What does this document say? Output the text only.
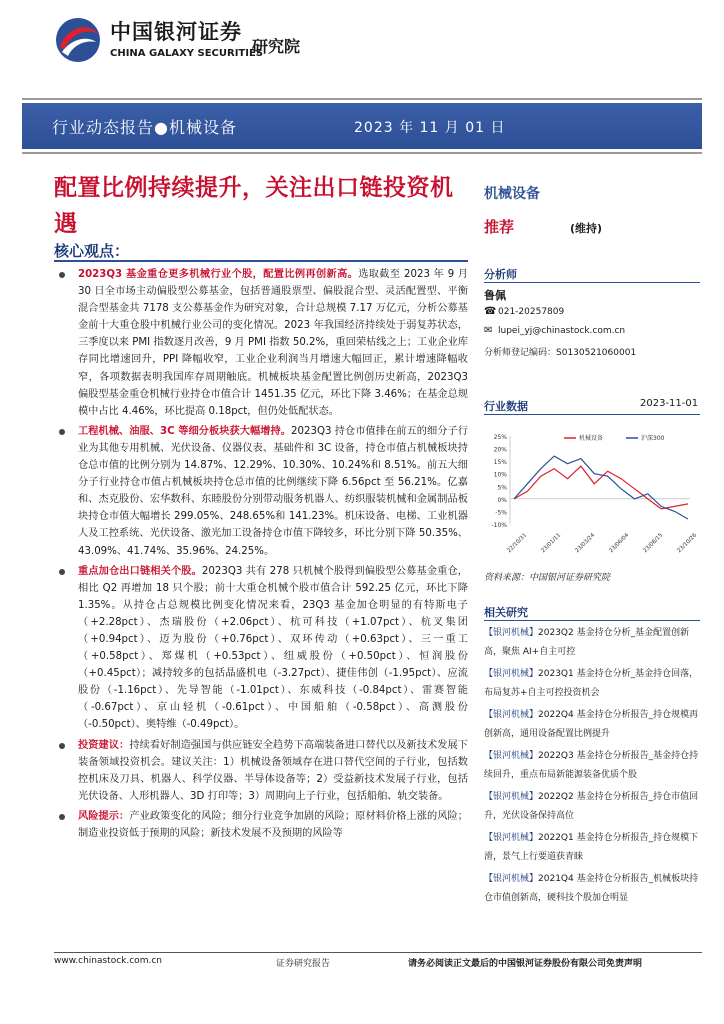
中国银河证券
CHINA GALAXY SECURITIES
研究院
行业动态报告●机械设备	2023 年 11 月 01 日
配置比例持续提升，关注出口链投资机遇
核心观点：
2023Q3 基金重仓更多机械行业个股，配置比例再创新高。选取截至 2023 年 9 月 30 日全市场主动偏股型公募基金，包括普通股票型、偏股混合型、灵活配置型、平衡混合型基金共 7178 支公募基金作为研究对象，合计总规模 7.17 万亿元，分析公募基金前十大重仓股中机械行业公司的变化情况。2023 年我国经济持续处于弱复苏状态，三季度以来 PMI 指数逐月改善，9 月 PMI 指数 50.2%，重回荣枯线之上；工业企业库存同比增速回升，PPI 降幅收窄，工业企业利润当月增速大幅回正，累计增速降幅收窄，各项数据表明我国库存周期触底。机械板块基金配置比例创历史新高，2023Q3 偏股型基金重仓机械行业持仓市值合计 1451.35 亿元，环比下降 3.46%；在基金总规模中占比 4.46%，环比提高 0.18pct，但仍处低配状态。
工程机械、油服、3C 等细分板块获大幅增持。2023Q3 持仓市值排在前五的细分子行业为其他专用机械、光伏设备、仪器仪表、基础件和 3C 设备，持仓市值占机械板块持仓总市值的比例分别为 14.87%、12.29%、10.30%、10.24%和 8.51%。前五大细分子行业持仓市值占机械板块持仓总市值的比例继续下降 6.56pct 至 56.21%。亿嘉和、杰克股份、宏华数科、东睦股份分别带动服务机器人、纺织服装机械和金属制品板块持仓市值大幅增长 299.05%、248.65%和 141.23%。机床设备、电梯、工业机器人及工控系统、光伏设备、激光加工设备持仓市值下降较多，环比分别下降 50.35%、43.09%、41.74%、35.96%、24.25%。
重点加仓出口链相关个股。2023Q3 共有 278 只机械个股得到偏股型公募基金重仓，相比 Q2 再增加 18 只个股；前十大重仓机械个股市值合计 592.25 亿元，环比下降 1.35%。从持仓占总规模比例变化情况来看，23Q3 基金加仓明显的有特斯电子（+2.28pct）、杰瑞股份（+2.06pct）、杭可科技（+1.07pct）、杭叉集团（+0.94pct）、迈为股份（+0.76pct）、双环传动（+0.63pct）、三一重工（+0.58pct）、郑煤机（+0.53pct）、纽威股份（+0.50pct）、恒润股份（+0.45pct）；减持较多的包括晶盛机电（-3.27pct）、捷佳伟创（-1.95pct）、应流股份（-1.16pct）、先导智能（-1.01pct）、东威科技（-0.84pct）、雷赛智能（-0.67pct）、京山轻机（-0.61pct）、中国船舶（-0.58pct）、高测股份（-0.50pct）、奥特维（-0.49pct）。
投资建议：持续看好制造强国与供应链安全趋势下高端装备进口替代以及新技术发展下装备领域投资机会。建议关注：1）机械设备领域存在进口替代空间的子行业，包括数控机床及刀具、机器人、科学仪器、半导体设备等；2）受益新技术发展子行业，包括光伏设备、人形机器人、3D 打印等；3）周期向上子行业，包括船舶、轨交装备。
风险提示：产业政策变化的风险；细分行业竞争加剧的风险；原材料价格上涨的风险；制造业投资低于预期的风险；新技术发展不及预期的风险等
机械设备
推荐	(维持)
分析师
鲁佩
☎ 021-20257809
✉ lupei_yj@chinastock.com.cn
分析师登记编码：S0130521060001
行业数据	2023-11-01
25%
20%
15%
10%
5%
0%
-5%
-10%
22/10/31 23/01/11 23/03/24 23/06/04 23/08/15 23/10/26
机械设备	沪深300
资料来源：中国银河证券研究院
相关研究
【银河机械】2023Q2 基金持仓分析_基金配置创新高，聚焦 AI+自主可控
【银河机械】2023Q1 基金持仓分析_基金持仓回落，布局复苏+自主可控投资机会
【银河机械】2022Q4 基金持仓分析报告_持仓规模再创新高，通用设备配置比例提升
【银河机械】2022Q3 基金持仓分析报告_基金持仓持续回升，重点布局新能源装备优质个股
【银河机械】2022Q2 基金持仓分析报告_持仓市值回升，光伏设备保持高位
【银河机械】2022Q1 基金持仓分析报告_持仓规模下滑，景气上行要道获青睐
【银河机械】2021Q4 基金持仓分析报告_机械板块持仓市值创新高，硬科技个股加仓明显
www.chinastock.com.cn	证券研究报告	请务必阅读正文最后的中国银河证券股份有限公司免责声明
